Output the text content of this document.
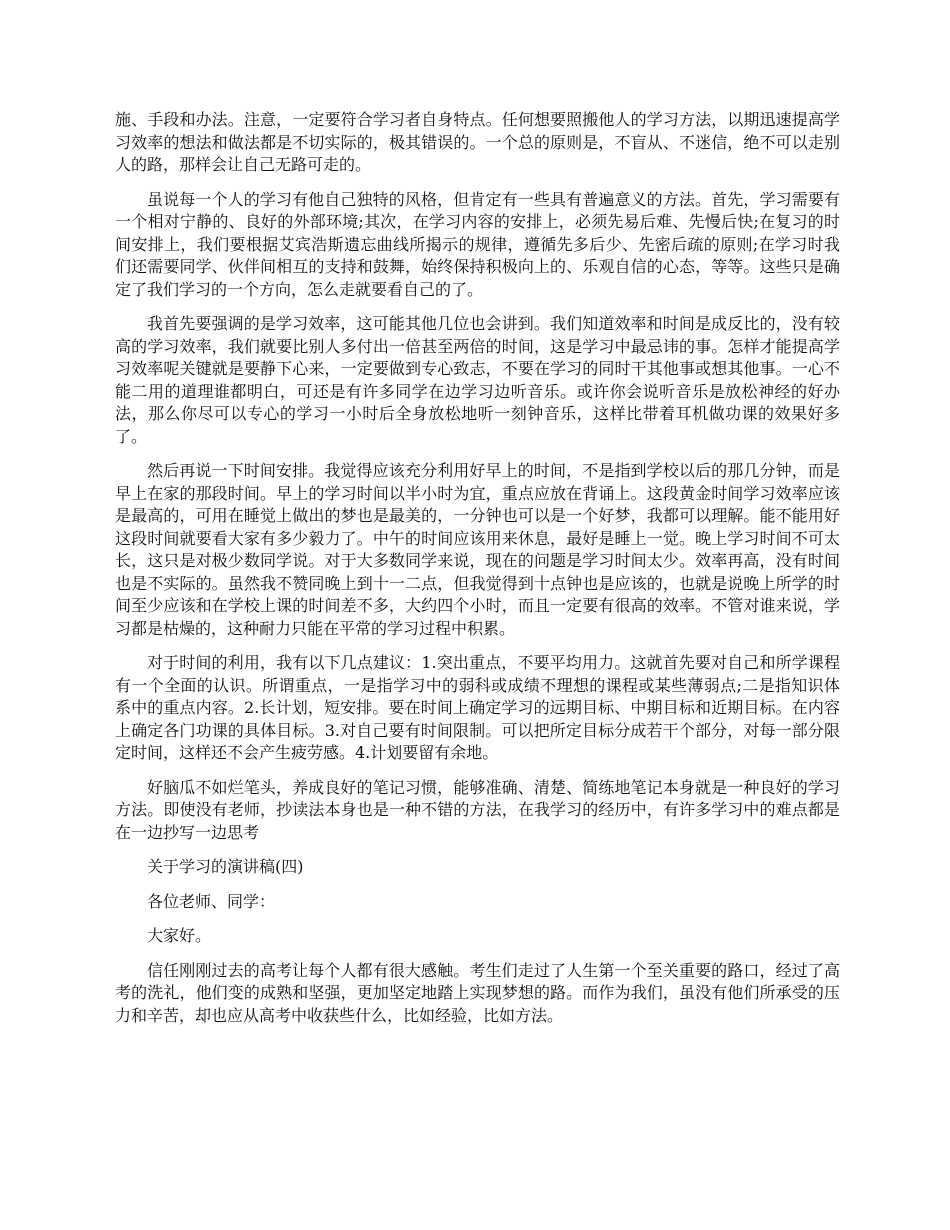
施、手段和办法。注意，一定要符合学习者自身特点。任何想要照搬他人的学习方法，以期迅速提高学习效率的想法和做法都是不切实际的，极其错误的。一个总的原则是，不盲从、不迷信，绝不可以走别人的路，那样会让自己无路可走的。

虽说每一个人的学习有他自己独特的风格，但肯定有一些具有普遍意义的方法。首先，学习需要有一个相对宁静的、良好的外部环境;其次，在学习内容的安排上，必须先易后难、先慢后快;在复习的时间安排上，我们要根据艾宾浩斯遗忘曲线所揭示的规律，遵循先多后少、先密后疏的原则;在学习时我们还需要同学、伙伴间相互的支持和鼓舞，始终保持积极向上的、乐观自信的心态，等等。这些只是确定了我们学习的一个方向，怎么走就要看自己的了。

我首先要强调的是学习效率，这可能其他几位也会讲到。我们知道效率和时间是成反比的，没有较高的学习效率，我们就要比别人多付出一倍甚至两倍的时间，这是学习中最忌讳的事。怎样才能提高学习效率呢关键就是要静下心来，一定要做到专心致志，不要在学习的同时干其他事或想其他事。一心不能二用的道理谁都明白，可还是有许多同学在边学习边听音乐。或许你会说听音乐是放松神经的好办法，那么你尽可以专心的学习一小时后全身放松地听一刻钟音乐，这样比带着耳机做功课的效果好多了。

然后再说一下时间安排。我觉得应该充分利用好早上的时间，不是指到学校以后的那几分钟，而是早上在家的那段时间。早上的学习时间以半小时为宜，重点应放在背诵上。这段黄金时间学习效率应该是最高的，可用在睡觉上做出的梦也是最美的，一分钟也可以是一个好梦，我都可以理解。能不能用好这段时间就要看大家有多少毅力了。中午的时间应该用来休息，最好是睡上一觉。晚上学习时间不可太长，这只是对极少数同学说。对于大多数同学来说，现在的问题是学习时间太少。效率再高，没有时间也是不实际的。虽然我不赞同晚上到十一二点，但我觉得到十点钟也是应该的，也就是说晚上所学的时间至少应该和在学校上课的时间差不多，大约四个小时，而且一定要有很高的效率。不管对谁来说，学习都是枯燥的，这种耐力只能在平常的学习过程中积累。

对于时间的利用，我有以下几点建议：1.突出重点，不要平均用力。这就首先要对自己和所学课程有一个全面的认识。所谓重点，一是指学习中的弱科或成绩不理想的课程或某些薄弱点;二是指知识体系中的重点内容。2.长计划，短安排。要在时间上确定学习的远期目标、中期目标和近期目标。在内容上确定各门功课的具体目标。3.对自己要有时间限制。可以把所定目标分成若干个部分，对每一部分限定时间，这样还不会产生疲劳感。4.计划要留有余地。

好脑瓜不如烂笔头，养成良好的笔记习惯，能够准确、清楚、简练地笔记本身就是一种良好的学习方法。即使没有老师，抄读法本身也是一种不错的方法，在我学习的经历中，有许多学习中的难点都是在一边抄写一边思考

关于学习的演讲稿(四)

各位老师、同学：

大家好。

信任刚刚过去的高考让每个人都有很大感触。考生们走过了人生第一个至关重要的路口，经过了高考的洗礼，他们变的成熟和坚强，更加坚定地踏上实现梦想的路。而作为我们，虽没有他们所承受的压力和辛苦，却也应从高考中收获些什么，比如经验，比如方法。
